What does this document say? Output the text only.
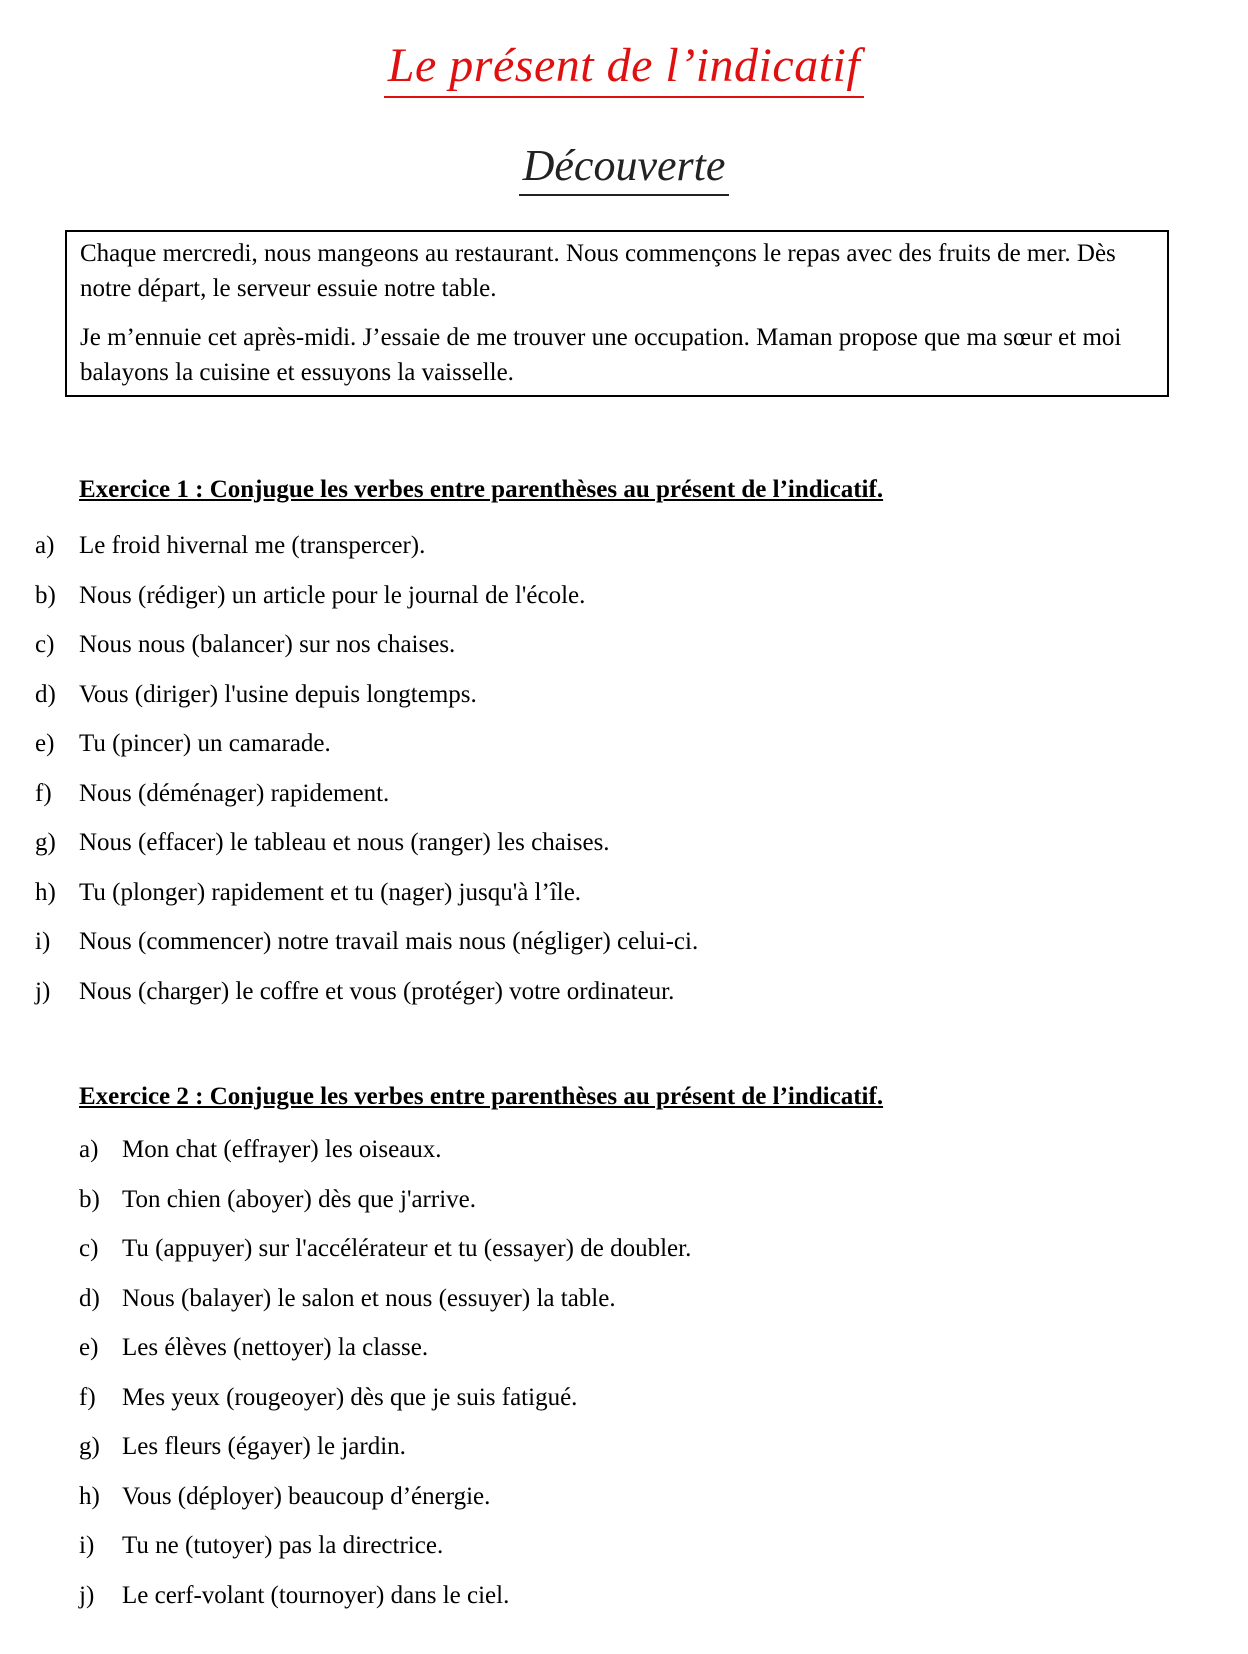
Le présent de l’indicatif
Découverte

Chaque mercredi, nous mangeons au restaurant. Nous commençons le repas avec des fruits de mer. Dès notre départ, le serveur essuie notre table.

Je m’ennuie cet après-midi. J’essaie de me trouver une occupation. Maman propose que ma sœur et moi balayons la cuisine et essuyons la vaisselle.

Exercice 1 : Conjugue les verbes entre parenthèses au présent de l’indicatif.
a) Le froid hivernal me (transpercer).
b) Nous (rédiger) un article pour le journal de l'école.
c) Nous nous (balancer) sur nos chaises.
d) Vous (diriger) l'usine depuis longtemps.
e) Tu (pincer) un camarade.
f) Nous (déménager) rapidement.
g) Nous (effacer) le tableau et nous (ranger) les chaises.
h) Tu (plonger) rapidement et tu (nager) jusqu'à l’île.
i) Nous (commencer) notre travail mais nous (négliger) celui-ci.
j) Nous (charger) le coffre et vous (protéger) votre ordinateur.
Exercice 2 : Conjugue les verbes entre parenthèses au présent de l’indicatif.
a) Mon chat (effrayer) les oiseaux.
b) Ton chien (aboyer) dès que j'arrive.
c) Tu (appuyer) sur l'accélérateur et tu (essayer) de doubler.
d) Nous (balayer) le salon et nous (essuyer) la table.
e) Les élèves (nettoyer) la classe.
f) Mes yeux (rougeoyer) dès que je suis fatigué.
g) Les fleurs (égayer) le jardin.
h) Vous (déployer) beaucoup d’énergie.
i) Tu ne (tutoyer) pas la directrice.
j) Le cerf-volant (tournoyer) dans le ciel.
